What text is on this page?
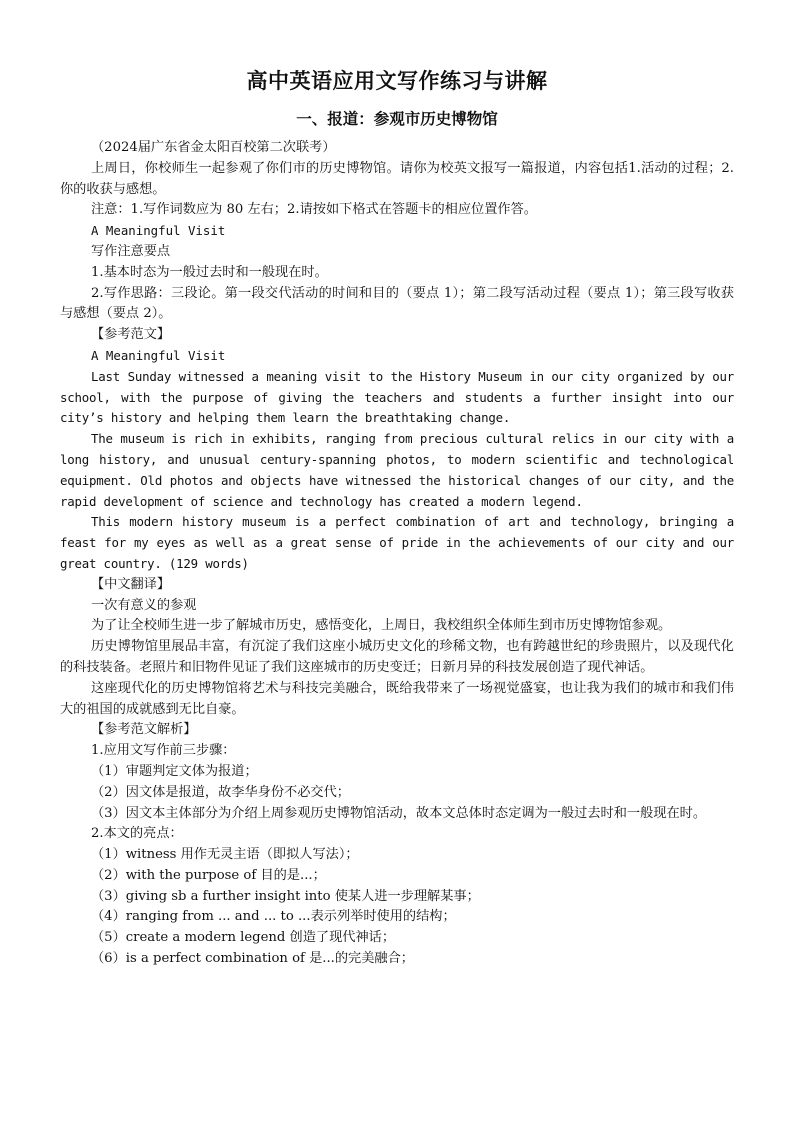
高中英语应用文写作练习与讲解
一、报道：参观市历史博物馆

（2024届广东省金太阳百校第二次联考）

上周日，你校师生一起参观了你们市的历史博物馆。请你为校英文报写一篇报道，内容包括1.活动的过程；2.你的收获与感想。

注意：1.写作词数应为 80 左右；2.请按如下格式在答题卡的相应位置作答。

A Meaningful Visit

写作注意要点

1.基本时态为一般过去时和一般现在时。

2.写作思路：三段论。第一段交代活动的时间和目的（要点 1）；第二段写活动过程（要点 1）；第三段写收获与感想（要点 2）。

【参考范文】

A Meaningful Visit

Last Sunday witnessed a meaning visit to the History Museum in our city organized by our school, with the purpose of giving the teachers and students a further insight into our city’s history and helping them learn the breathtaking change.

The museum is rich in exhibits, ranging from precious cultural relics in our city with a long history, and unusual century-spanning photos, to modern scientific and technological equipment. Old photos and objects have witnessed the historical changes of our city, and the rapid development of science and technology has created a modern legend.

This modern history museum is a perfect combination of art and technology, bringing a feast for my eyes as well as a great sense of pride in the achievements of our city and our great country. (129 words)

【中文翻译】

一次有意义的参观

为了让全校师生进一步了解城市历史，感悟变化，上周日，我校组织全体师生到市历史博物馆参观。

历史博物馆里展品丰富，有沉淀了我们这座小城历史文化的珍稀文物，也有跨越世纪的珍贵照片，以及现代化的科技装备。老照片和旧物件见证了我们这座城市的历史变迁；日新月异的科技发展创造了现代神话。

这座现代化的历史博物馆将艺术与科技完美融合，既给我带来了一场视觉盛宴，也让我为我们的城市和我们伟大的祖国的成就感到无比自豪。

【参考范文解析】

1.应用文写作前三步骤：

（1）审题判定文体为报道；

（2）因文体是报道，故李华身份不必交代；

（3）因文本主体部分为介绍上周参观历史博物馆活动，故本文总体时态定调为一般过去时和一般现在时。

2.本文的亮点：

（1）witness 用作无灵主语（即拟人写法）；

（2）with the purpose of 目的是...；

（3）giving sb a further insight into 使某人进一步理解某事；

（4）ranging from ... and ... to ...表示列举时使用的结构；

（5）create a modern legend 创造了现代神话；

（6）is a perfect combination of 是...的完美融合；
